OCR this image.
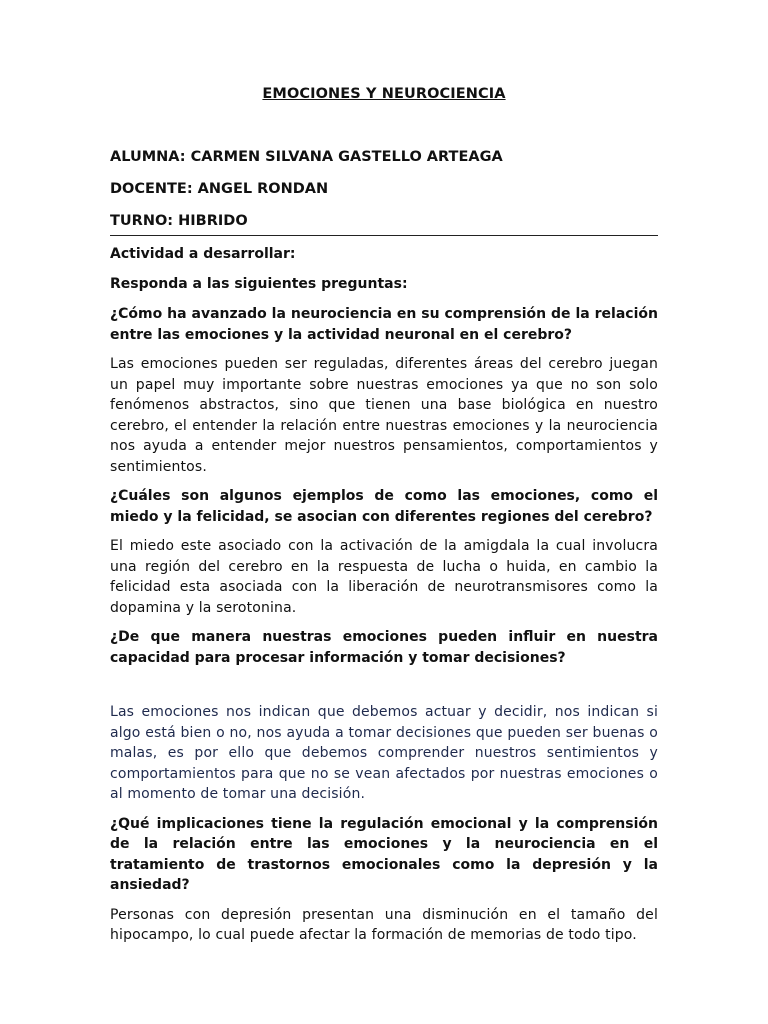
EMOCIONES Y NEUROCIENCIA
ALUMNA: CARMEN SILVANA GASTELLO ARTEAGA
DOCENTE: ANGEL RONDAN
TURNO: HIBRIDO
Actividad a desarrollar:
Responda a las siguientes preguntas:
¿Cómo ha avanzado la neurociencia en su comprensión de la relación entre las emociones y la actividad neuronal en el cerebro?
Las emociones pueden ser reguladas, diferentes áreas del cerebro juegan un papel muy importante sobre nuestras emociones ya que no son solo fenómenos abstractos, sino que tienen una base biológica en nuestro cerebro, el entender la relación entre nuestras emociones y la neurociencia nos ayuda a entender mejor nuestros pensamientos, comportamientos y sentimientos.
¿Cuáles son algunos ejemplos de como las emociones, como el miedo y la felicidad, se asocian con diferentes regiones del cerebro?
El miedo este asociado con la activación de la amigdala la cual involucra una región del cerebro en la respuesta de lucha o huida, en cambio la felicidad esta asociada con la liberación de neurotransmisores como la dopamina y la serotonina.
¿De que manera nuestras emociones pueden influir en nuestra capacidad para procesar información y tomar decisiones?
Las emociones nos indican que debemos actuar y decidir, nos indican si algo está bien o no, nos ayuda a tomar decisiones que pueden ser buenas o malas, es por ello que debemos comprender nuestros sentimientos y comportamientos para que no se vean afectados por nuestras emociones o al momento de tomar una decisión.
¿Qué implicaciones tiene la regulación emocional y la comprensión de la relación entre las emociones y la neurociencia en el tratamiento de trastornos emocionales como la depresión y la ansiedad?
Personas con depresión presentan una disminución en el tamaño del hipocampo, lo cual puede afectar la formación de memorias de todo tipo.
